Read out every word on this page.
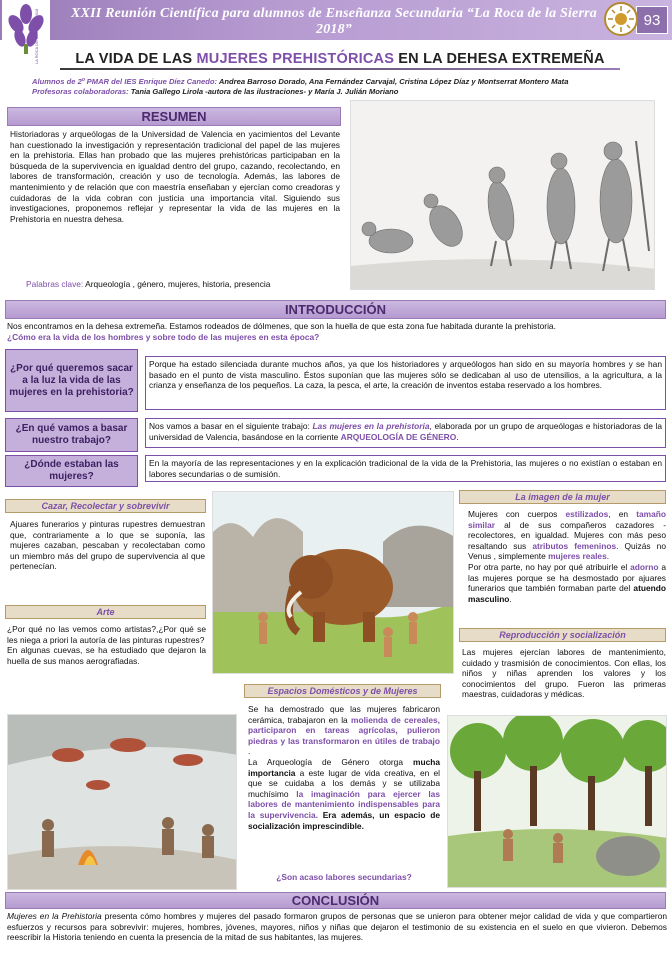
XXII Reunión Científica para alumnos de Enseñanza Secundaria “La Roca de la Sierra 2018”
93
LA ROCA DE LA SIERRA 2018	LA VIDA DE LAS MUJERES PREHISTÓRICAS EN LA DEHESA EXTREMEÑA
Alumnos de 2º PMAR del IES Enrique Díez Canedo: Andrea Barroso Dorado, Ana Fernández Carvajal, Cristina López Díaz y Montserrat Montero Mata
Profesoras colaboradoras: Tania Gallego Lirola -autora de las ilustraciones- y María J. Julián Moriano
RESUMEN
Historiadoras y arqueólogas de la Universidad de Valencia en yacimientos del Levante han cuestionado la investigación y representación tradicional del papel de las mujeres en la prehistoria. Ellas han probado que las mujeres prehistóricas participaban en la búsqueda de la supervivencia en igualdad dentro del grupo, cazando, recolectando, en labores de transformación, creación y uso de tecnología. Además, las labores de mantenimiento y de relación que con maestría enseñaban y ejercían como creadoras y cuidadoras de la vida cobran con justicia una importancia vital. Siguiendo sus investigaciones, proponemos reflejar y representar la vida de las mujeres en la Prehistoria en nuestra dehesa.
Palabras clave: Arqueología , género, mujeres, historia, presencia
INTRODUCCIÓN
Nos encontramos en la dehesa extremeña. Estamos rodeados de dólmenes, que son la huella de que esta zona fue habitada durante la prehistoria.
¿Cómo era la vida de los hombres y sobre todo de las mujeres en esta época?
¿Por qué queremos sacar a la luz la vida de las mujeres en la prehistoria?
Porque ha estado silenciada durante muchos años, ya que los historiadores y arqueólogos han sido en su mayoría hombres y se han basado en el punto de vista masculino. Éstos suponían que las mujeres sólo se dedicaban al uso de utensilios, a la agricultura, a la crianza y enseñanza de los pequeños. La caza, la pesca, el arte, la creación de inventos estaba reservado a los hombres.
¿En qué vamos a basar nuestro trabajo?
Nos vamos a basar en el siguiente trabajo: Las mujeres en la prehistoria, elaborada por un grupo de arqueólogas e historiadoras de la universidad de Valencia, basándose en la corriente ARQUEOLOGÍA DE GÉNERO.
¿Dónde estaban las mujeres?
En la mayoría de las representaciones y en la explicación tradicional de la vida de la Prehistoria, las mujeres o no existían o estaban en labores secundarias o de sumisión.
Cazar, Recolectar y sobrevivir
Ajuares funerarios y pinturas rupestres demuestran que, contrariamente a lo que se suponía, las mujeres cazaban, pescaban y recolectaban como un miembro más del grupo de supervivencia al que pertenecían.
Arte
¿Por qué no las vemos como artistas?,¿Por qué se les niega a priori la autoría de las pinturas rupestres?
En algunas cuevas, se ha estudiado que dejaron la huella de sus manos aerografiadas.
La imagen de la mujer
Mujeres con cuerpos estilizados, en tamaño similar al de sus compañeros cazadores - recolectores, en igualdad. Mujeres con más peso resaltando sus atributos femeninos. Quizás no Venus , simplemente mujeres reales.
Por otra parte, no hay por qué atribuirle el adorno a las mujeres porque se ha desmostado por ajuares funerarios que también formaban parte del atuendo masculino.
Reproducción y socialización
Las mujeres ejercían labores de mantenimiento, cuidado y trasmisión de conocimientos. Con ellas, los niños y niñas aprenden los valores y los conocimientos del grupo. Fueron las primeras maestras, cuidadoras y médicas.
Espacios Domésticos y de Mujeres
Se ha demostrado que las mujeres fabricaron cerámica, trabajaron en la molienda de cereales, participaron en tareas agrícolas, pulieron piedras y las transformaron en útiles de trabajo .
La Arqueología de Género otorga mucha importancia a este lugar de vida creativa, en el que se cuidaba a los demás y se utilizaba muchísimo la imaginación para ejercer las labores de mantenimiento indispensables para la supervivencia. Era además, un espacio de socialización imprescindible.
¿Son acaso labores secundarias?
CONCLUSIÓN
Mujeres en la Prehistoria presenta cómo hombres y mujeres del pasado formaron grupos de personas que se unieron para obtener mejor calidad de vida y que compartieron esfuerzos y recursos para sobrevivir: mujeres, hombres, jóvenes, mayores, niños y niñas que dejaron el testimonio de su existencia en el suelo en que vivieron. Debemos reescribir la Historia teniendo en cuenta la presencia de la mitad de sus habitantes, las mujeres.
